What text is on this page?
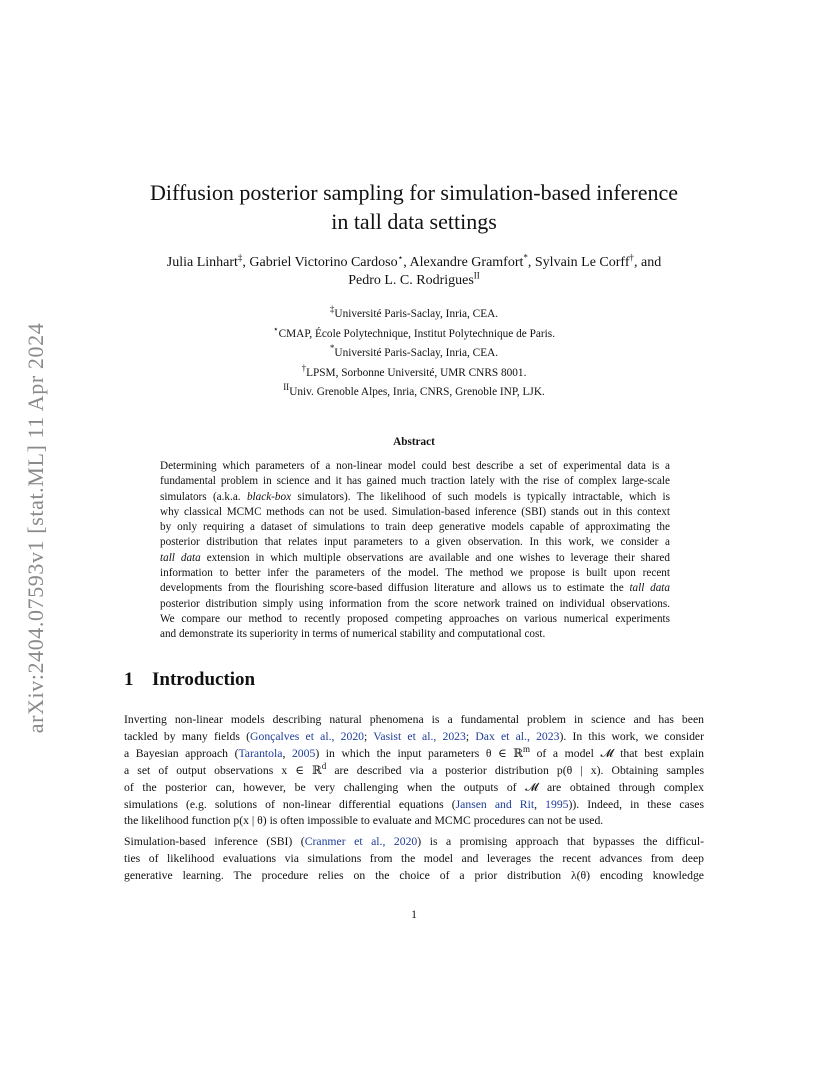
arXiv:2404.07593v1 [stat.ML] 11 Apr 2024
Diffusion posterior sampling for simulation-based inference
in tall data settings
Julia Linhart‡, Gabriel Victorino Cardoso⋆, Alexandre Gramfort*, Sylvain Le Corff†, and
Pedro L. C. Rodrigues$^{II}$
‡Université Paris-Saclay, Inria, CEA.
⋆CMAP, École Polytechnique, Institut Polytechnique de Paris.
*Université Paris-Saclay, Inria, CEA.
†LPSM, Sorbonne Université, UMR CNRS 8001.
$^{II}$Univ. Grenoble Alpes, Inria, CNRS, Grenoble INP, LJK.
Abstract
Determining which parameters of a non-linear model could best describe a set of experimental data is a
fundamental problem in science and it has gained much traction lately with the rise of complex large-scale
simulators (a.k.a. black-box simulators). The likelihood of such models is typically intractable, which is
why classical MCMC methods can not be used. Simulation-based inference (SBI) stands out in this context
by only requiring a dataset of simulations to train deep generative models capable of approximating the
posterior distribution that relates input parameters to a given observation. In this work, we consider a
tall data extension in which multiple observations are available and one wishes to leverage their shared
information to better infer the parameters of the model. The method we propose is built upon recent
developments from the flourishing score-based diffusion literature and allows us to estimate the tall data
posterior distribution simply using information from the score network trained on individual observations.
We compare our method to recently proposed competing approaches on various numerical experiments
and demonstrate its superiority in terms of numerical stability and computational cost.
1 Introduction
Inverting non-linear models describing natural phenomena is a fundamental problem in science and has been
tackled by many fields (Gonçalves et al., 2020; Vasist et al., 2023; Dax et al., 2023). In this work, we consider
a Bayesian approach (Tarantola, 2005) in which the input parameters θ ∈ ℝ$^m$ of a model 𝓜 that best explain
a set of output observations x ∈ ℝ$^d$ are described via a posterior distribution p(θ | x). Obtaining samples
of the posterior can, however, be very challenging when the outputs of 𝓜 are obtained through complex
simulations (e.g. solutions of non-linear differential equations (Jansen and Rit, 1995)). Indeed, in these cases
the likelihood function p(x | θ) is often impossible to evaluate and MCMC procedures can not be used.
Simulation-based inference (SBI) (Cranmer et al., 2020) is a promising approach that bypasses the difficul-
ties of likelihood evaluations via simulations from the model and leverages the recent advances from deep
generative learning. The procedure relies on the choice of a prior distribution λ(θ) encoding knowledge
1
